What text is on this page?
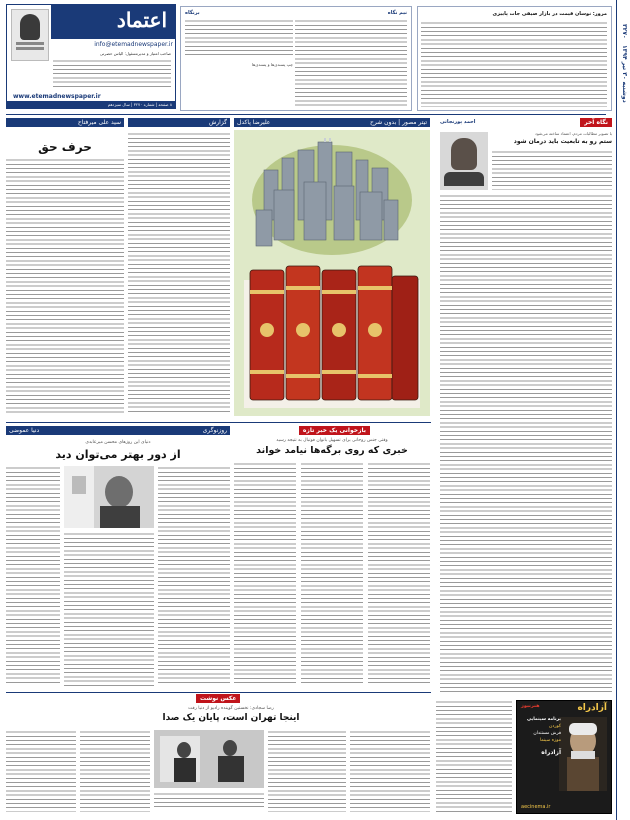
اعتماد
info@etemadnewspaper.ir
صاحب امتیاز و مدیرمسئول: الیاس حضرتی
www.etemadnewspaper.ir
۸ صفحه | شماره ۳۲۷۰ | سال سیزدهم
دوشنبه ۳۰ تیر ۱۳۹۴ ۳۲۷۰
مرور: نوسان قیمت در بازار صیفی جات پاییزی
نیم نگاه
برنگاه
چپ پسندی‌ها و پسندی‌ها
نگاه آخر
احمد پورنجاتی
با تصویر مطالبات مردم، اعتماد ساخته می‌شود
ستم رو به تابعیت باید درمان شود
سید علی میرفتاح
حرف حق
گزارش	تیتر مصور | بدون شرح
علیرضا پاکدل
روزنوگری
دنیا عموضی
دنیای این روزهای محسن میرعابدی
از دور بهتر می‌توان دید
بازخوانی یک خبر تازه
وقتی جنس روحانی برای تسهیل بانوان فوتبال به نتیجه رسید
خبری که روی برگه‌ها نیامد خواند
عکس نوشت
رضا سجادی: نخستین گوینده رادیو از دنیا رفت
اینجا تهران است، پایان یک صدا
هنرنیوز	آزادراه
برنامه سینمایی
کوردن
فرش مستندان
موزه سینما
آزادراه
aecinema.ir
